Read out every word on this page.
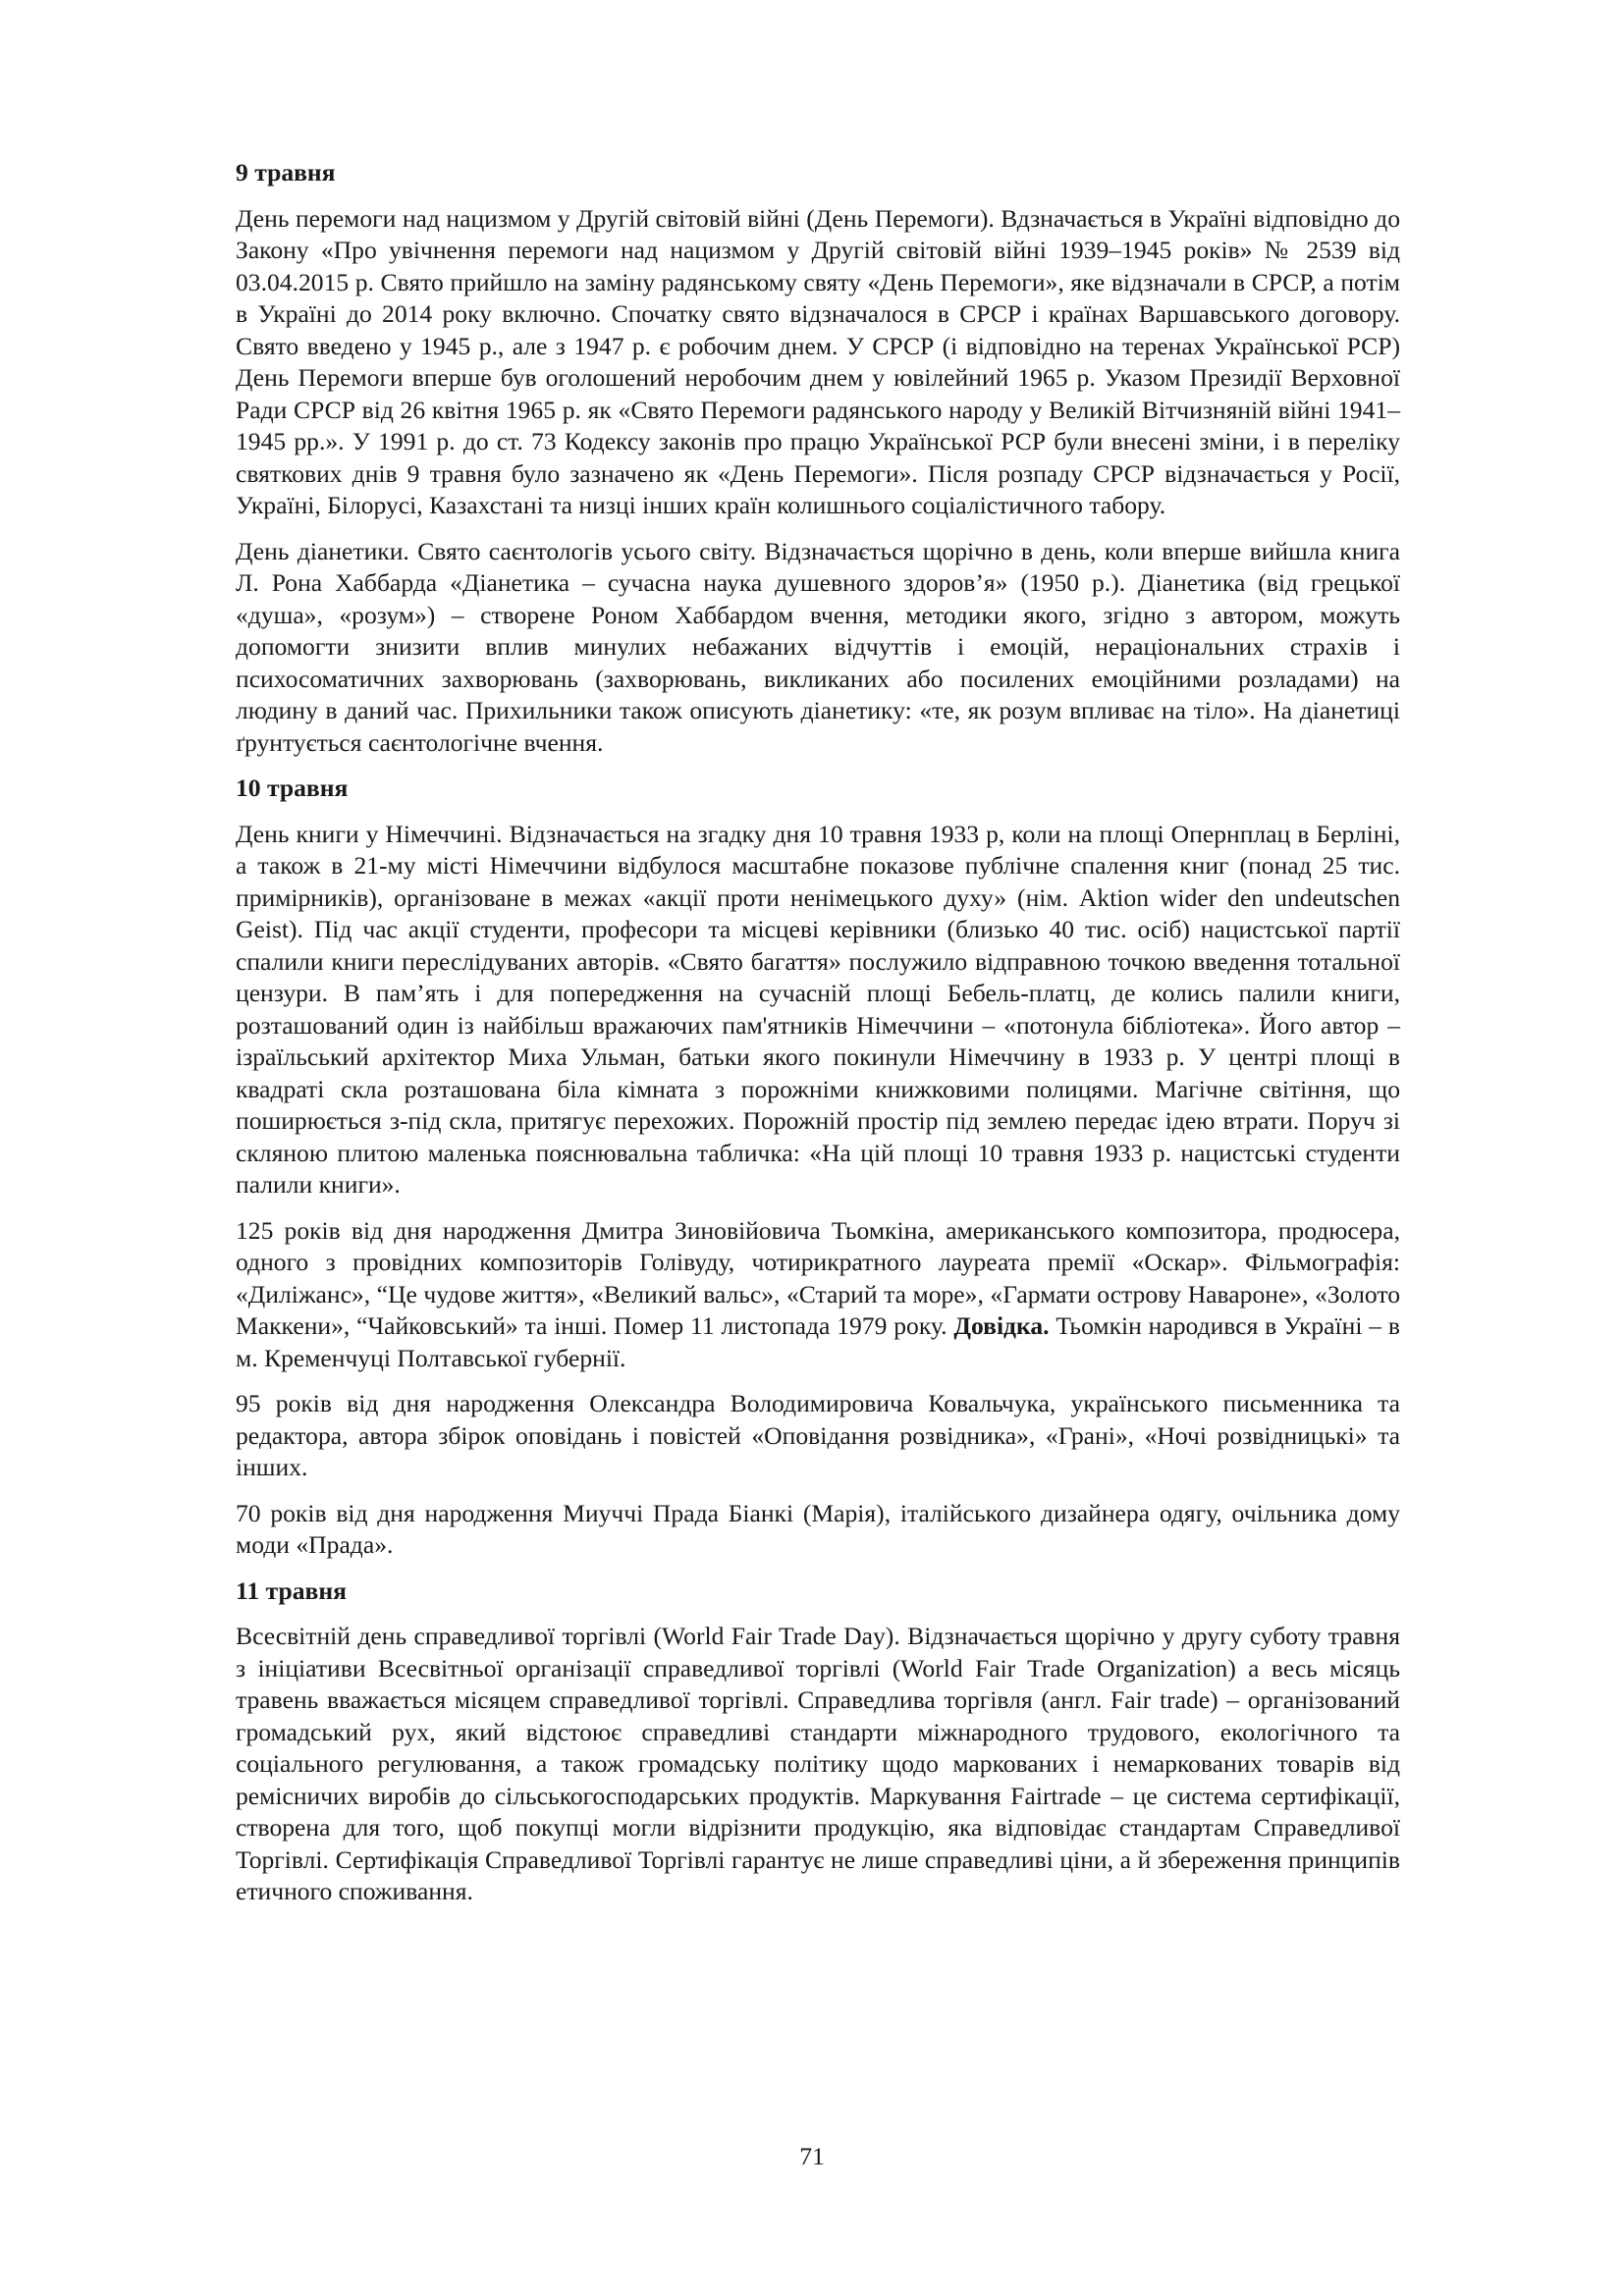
9 травня

День перемоги над нацизмом у Другій світовій війні (День Перемоги). Вдзначається в Україні відповідно до Закону «Про увічнення перемоги над нацизмом у Другій світовій війні 1939–1945 років» № 2539 від 03.04.2015 р. Свято прийшло на заміну радянському святу «День Перемоги», яке відзначали в СРСР, а потім в Україні до 2014 року включно. Спочатку свято відзначалося в СРСР і країнах Варшавського договору. Свято введено у 1945 р., але з 1947 р. є робочим днем. У СРСР (і відповідно на теренах Української РСР) День Перемоги вперше був оголошений неробочим днем у ювілейний 1965 р. Указом Президії Верховної Ради СРСР від 26 квітня 1965 р. як «Свято Перемоги радянського народу у Великій Вітчизняній війні 1941–1945 рр.». У 1991 р. до ст. 73 Кодексу законів про працю Української РСР були внесені зміни, і в переліку святкових днів 9 травня було зазначено як «День Перемоги». Після розпаду СРСР відзначається у Росії, Україні, Білорусі, Казахстані та низці інших країн колишнього соціалістичного табору.

День діанетики. Свято саєнтологів усього світу. Відзначається щорічно в день, коли вперше вийшла книга Л. Рона Хаббарда «Діанетика – сучасна наука душевного здоров’я» (1950 р.). Діанетика (від грецької «душа», «розум») – створене Роном Хаббардом вчення, методики якого, згідно з автором, можуть допомогти знизити вплив минулих небажаних відчуттів і емоцій, нераціональних страхів і психосоматичних захворювань (захворювань, викликаних або посилених емоційними розладами) на людину в даний час. Прихильники також описують діанетику: «те, як розум впливає на тіло». На діанетиці ґрунтується саєнтологічне вчення.

10 травня

День книги у Німеччині. Відзначається на згадку дня 10 травня 1933 р, коли на площі Опернплац в Берліні, а також в 21-му місті Німеччини відбулося масштабне показове публічне спалення книг (понад 25 тис. примірників), організоване в межах «акції проти ненімецького духу» (нім. Aktion wider den undeutschen Geist). Під час акції студенти, професори та місцеві керівники (близько 40 тис. осіб) нацистської партії спалили книги переслідуваних авторів. «Свято багаття» послужило відправною точкою введення тотальної цензури. В пам’ять і для попередження на сучасній площі Бебель-платц, де колись палили книги, розташований один із найбільш вражаючих пам'ятників Німеччини – «потонула бібліотека». Його автор – ізраїльський архітектор Миха Ульман, батьки якого покинули Німеччину в 1933 р. У центрі площі в квадраті скла розташована біла кімната з порожніми книжковими полицями. Магічне світіння, що поширюється з-під скла, притягує перехожих. Порожній простір під землею передає ідею втрати. Поруч зі скляною плитою маленька пояснювальна табличка: «На цій площі 10 травня 1933 р. нацистські студенти палили книги».

125 років від дня народження Дмитра Зиновійовича Тьомкіна, американського композитора, продюсера, одного з провідних композиторів Голівуду, чотирикратного лауреата премії «Оскар». Фільмографія: «Диліжанс», “Це чудове життя», «Великий вальс», «Старий та море», «Гармати острову Навароне», «Золото Маккени», “Чайковський» та інші. Помер 11 листопада 1979 року. Довідка. Тьомкін народився в Україні – в м. Кременчуці Полтавської губернії.

95 років від дня народження Олександра Володимировича Ковальчука, українського письменника та редактора, автора збірок оповідань і повістей «Оповідання розвідника», «Грані», «Ночі розвідницькі» та інших.

70 років від дня народження Миуччі Прада Біанкі (Марія), італійського дизайнера одягу, очільника дому моди «Прада».

11 травня

Всесвітній день справедливої торгівлі (World Fair Trade Day). Відзначається щорічно у другу суботу травня з ініціативи Всесвітньої організації справедливої торгівлі (World Fair Trade Organization) а весь місяць травень вважається місяцем справедливої торгівлі. Справедлива торгівля (англ. Fair trade) – організований громадський рух, який відстоює справедливі стандарти міжнародного трудового, екологічного та соціального регулювання, а також громадську політику щодо маркованих і немаркованих товарів від ремісничих виробів до сільськогосподарських продуктів. Маркування Fairtrade – це система сертифікації, створена для того, щоб покупці могли відрізнити продукцію, яка відповідає стандартам Справедливої Торгівлі. Сертифікація Справедливої Торгівлі гарантує не лише справедливі ціни, а й збереження принципів етичного споживання.

71
